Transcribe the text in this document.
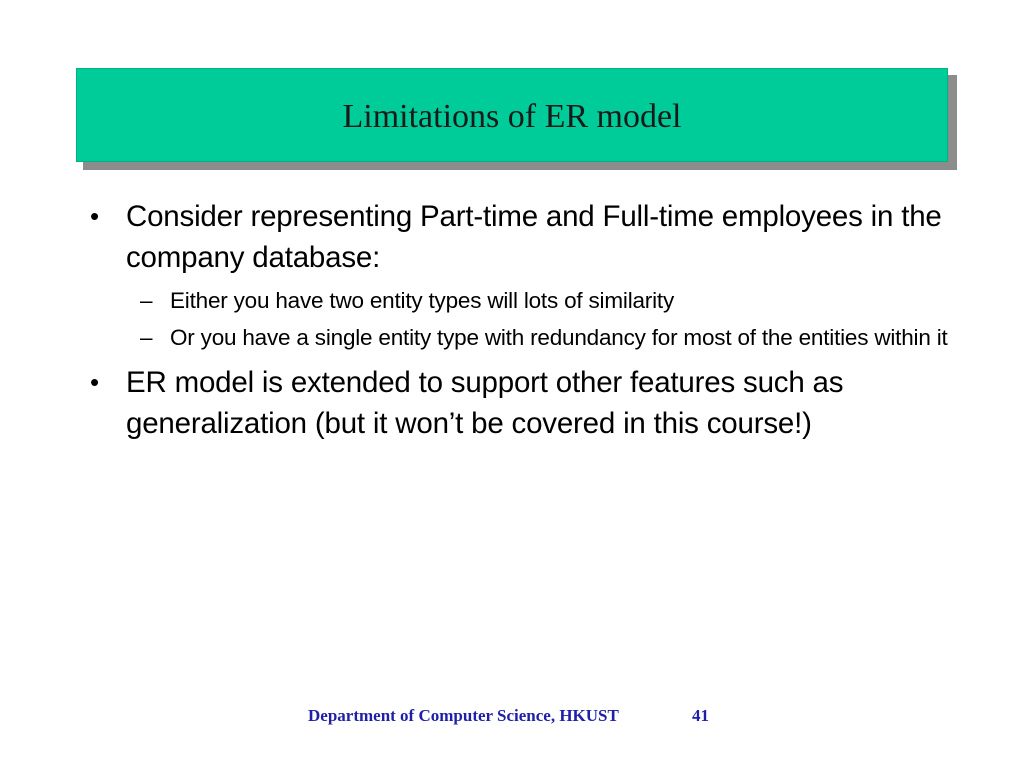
Limitations of ER model
• Consider representing Part-time and Full-time employees in the company database:
– Either you have two entity types will lots of similarity
– Or you have a single entity type with redundancy for most of the entities within it
• ER model is extended to support other features such as generalization (but it won’t be covered in this course!)
Department of Computer Science, HKUST	41
